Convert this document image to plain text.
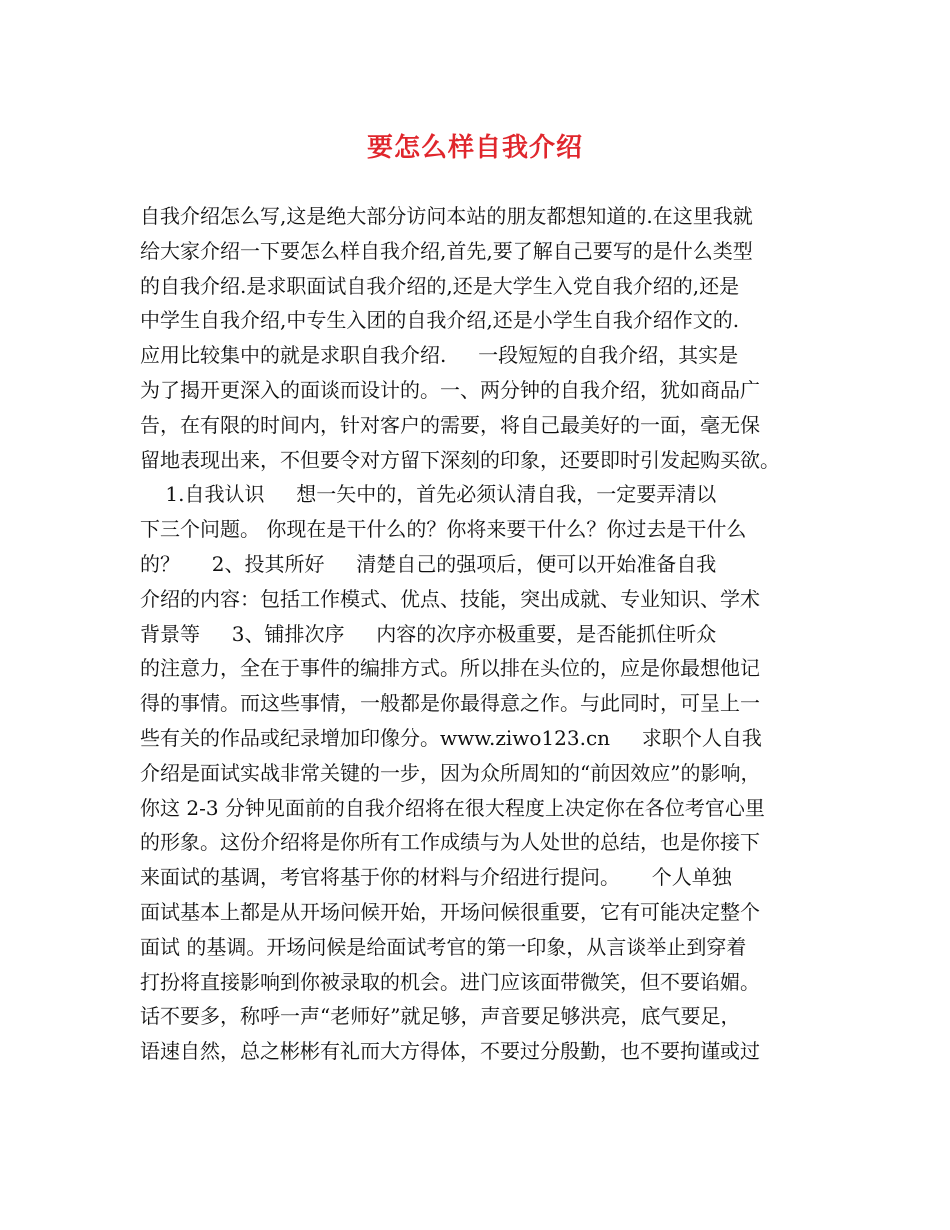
要怎么样自我介绍
自我介绍怎么写,这是绝大部分访问本站的朋友都想知道的.在这里我就
给大家介绍一下要怎么样自我介绍,首先,要了解自己要写的是什么类型
的自我介绍.是求职面试自我介绍的,还是大学生入党自我介绍的,还是
中学生自我介绍,中专生入团的自我介绍,还是小学生自我介绍作文的.
应用比较集中的就是求职自我介绍.     一段短短的自我介绍，其实是
为了揭开更深入的面谈而设计的。一、两分钟的自我介绍，犹如商品广
告，在有限的时间内，针对客户的需要，将自己最美好的一面，毫无保
留地表现出来，不但要令对方留下深刻的印象，还要即时引发起购买欲。
1.自我认识     想一矢中的，首先必须认清自我，一定要弄清以
下三个问题。 你现在是干什么的？你将来要干什么？你过去是干什么
的？     2、投其所好     清楚自己的强项后，便可以开始准备自我
介绍的内容：包括工作模式、优点、技能，突出成就、专业知识、学术
背景等     3、铺排次序     内容的次序亦极重要，是否能抓住听众
的注意力，全在于事件的编排方式。所以排在头位的，应是你最想他记
得的事情。而这些事情，一般都是你最得意之作。与此同时，可呈上一
些有关的作品或纪录增加印像分。www.ziwo123.cn     求职个人自我
介绍是面试实战非常关键的一步，因为众所周知的“前因效应”的影响，
你这 2-3 分钟见面前的自我介绍将在很大程度上决定你在各位考官心里
的形象。这份介绍将是你所有工作成绩与为人处世的总结，也是你接下
来面试的基调，考官将基于你的材料与介绍进行提问。     个人单独
面试基本上都是从开场问候开始，开场问候很重要，它有可能决定整个
面试 的基调。开场问候是给面试考官的第一印象，从言谈举止到穿着
打扮将直接影响到你被录取的机会。进门应该面带微笑，但不要谄媚。
话不要多，称呼一声“老师好”就足够，声音要足够洪亮，底气要足，
语速自然，总之彬彬有礼而大方得体，不要过分殷勤，也不要拘谨或过
